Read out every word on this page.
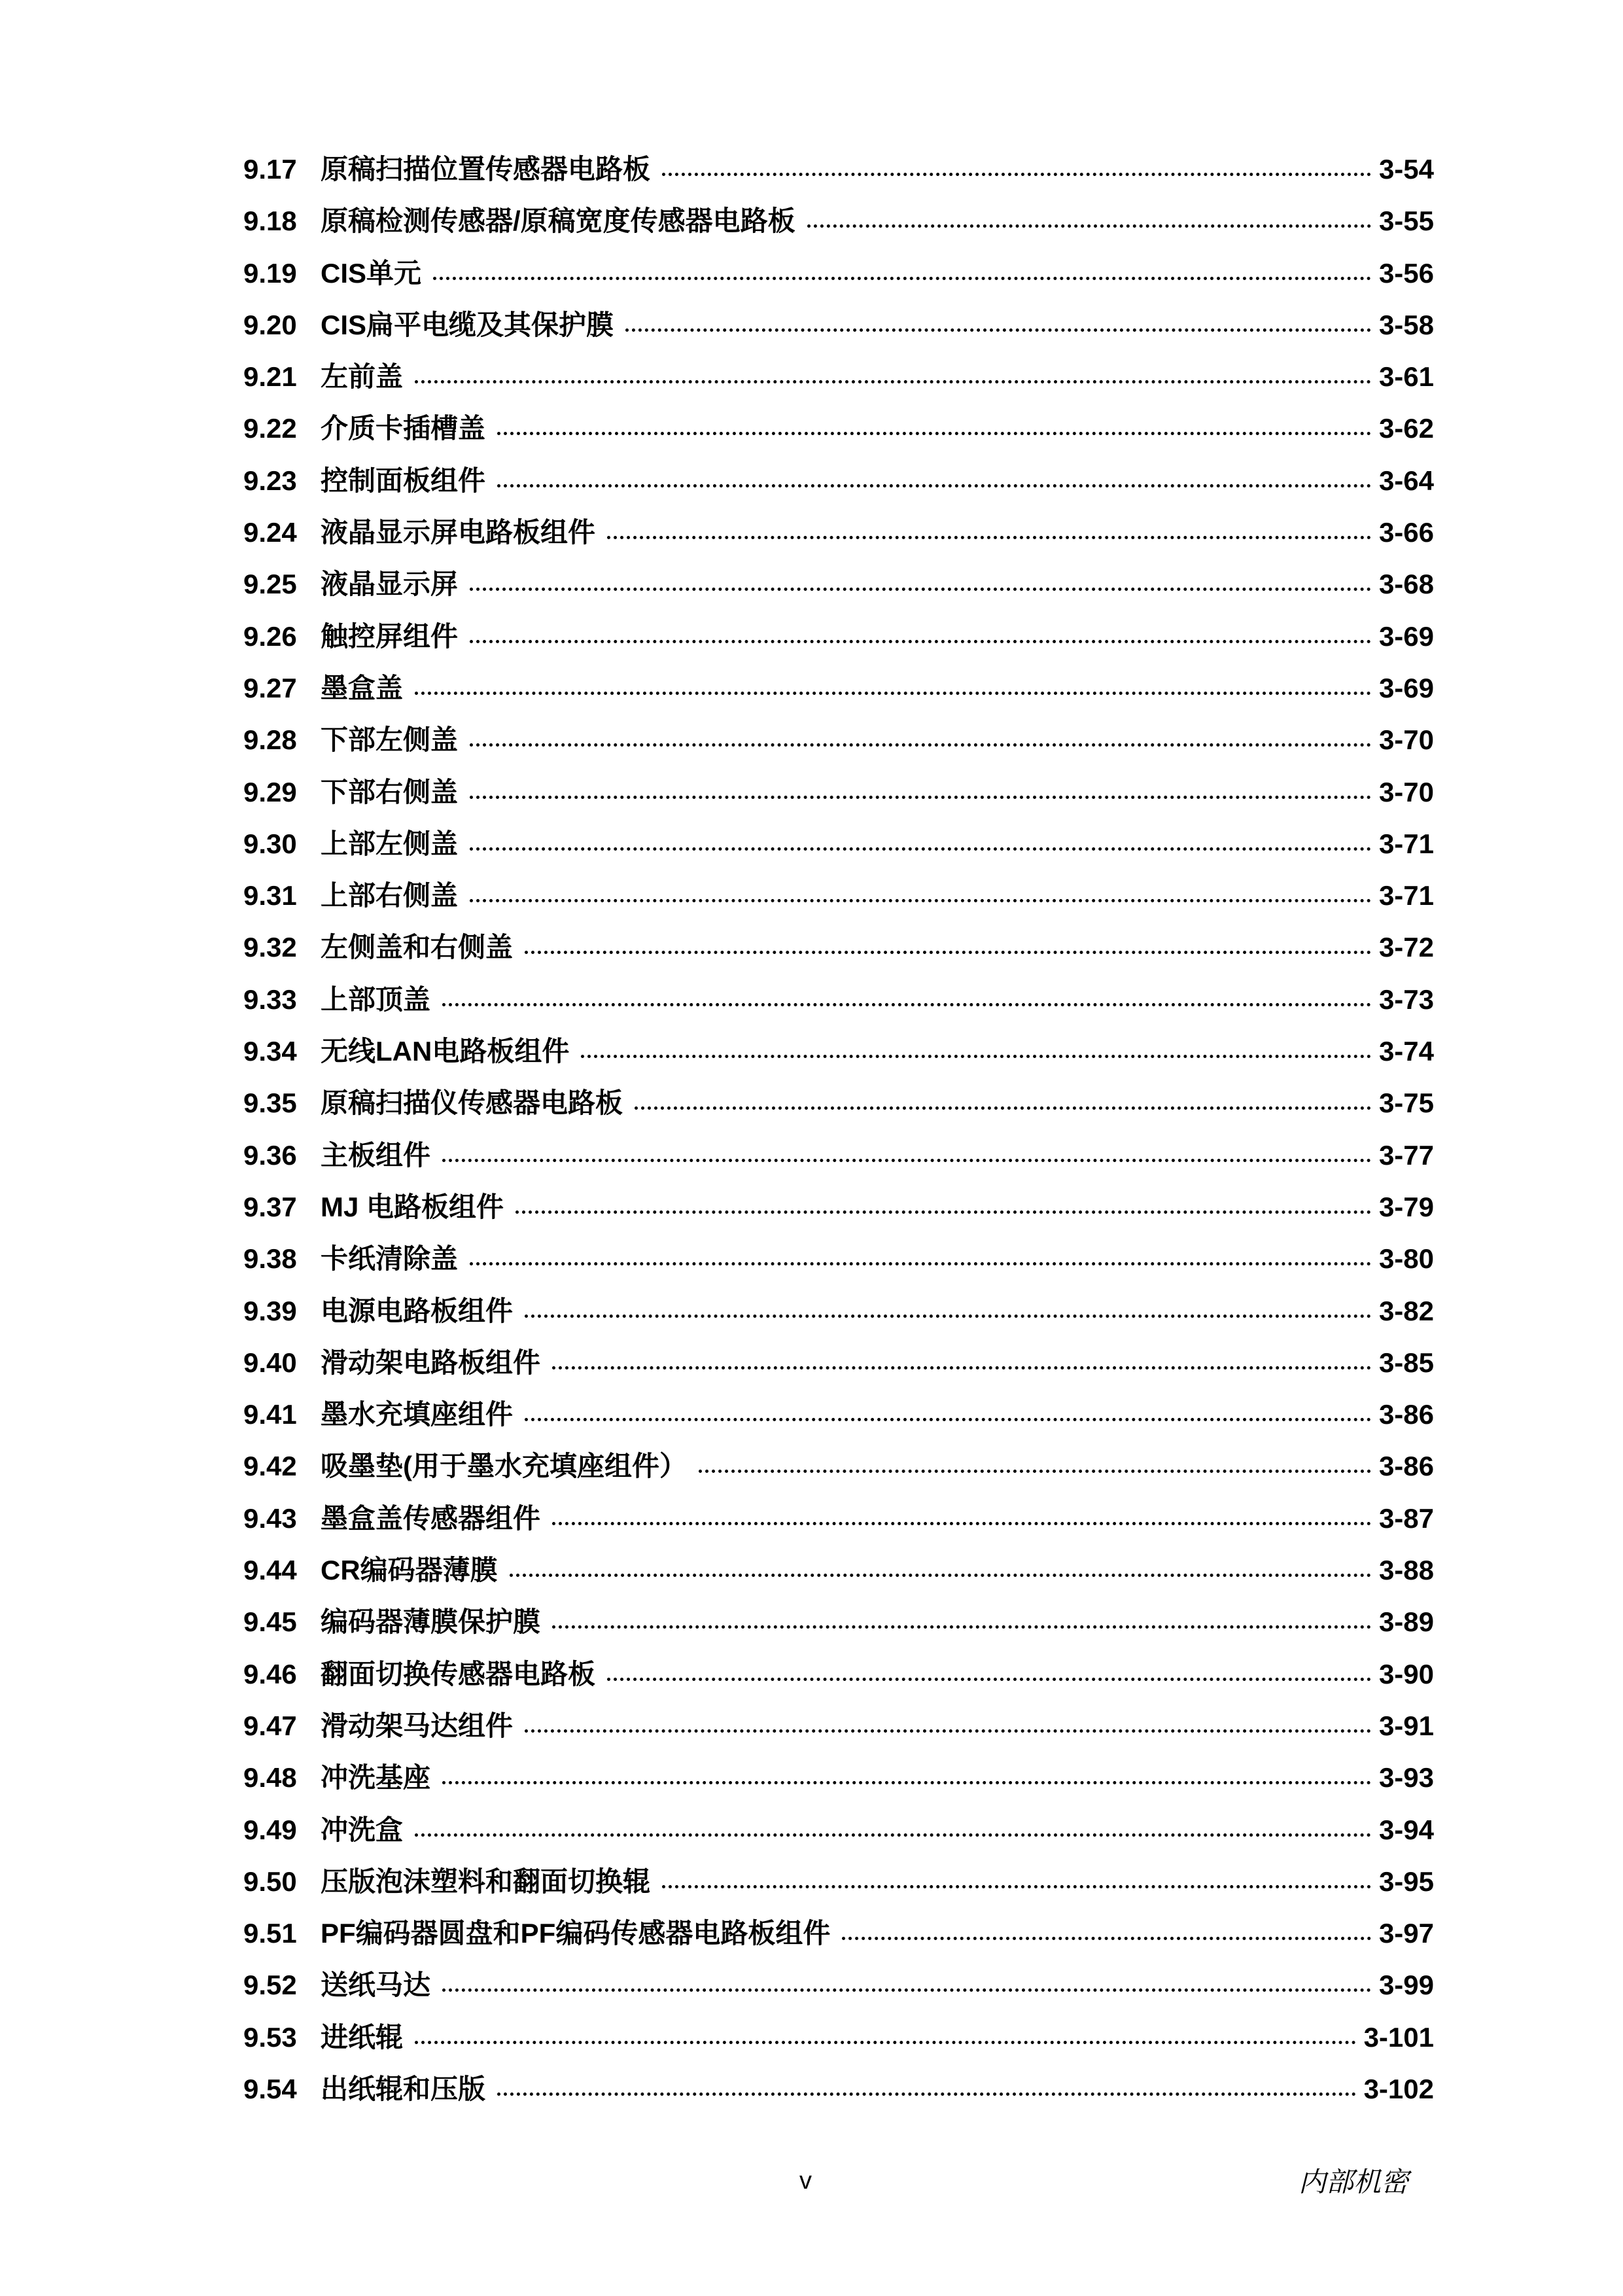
9.17 原稿扫描位置传感器电路板	3-54
9.18 原稿检测传感器/原稿宽度传感器电路板	3-55
9.19 CIS单元	3-56
9.20 CIS扁平电缆及其保护膜	3-58
9.21 左前盖	3-61
9.22 介质卡插槽盖	3-62
9.23 控制面板组件	3-64
9.24 液晶显示屏电路板组件	3-66
9.25 液晶显示屏	3-68
9.26 触控屏组件	3-69
9.27 墨盒盖	3-69
9.28 下部左侧盖	3-70
9.29 下部右侧盖	3-70
9.30 上部左侧盖	3-71
9.31 上部右侧盖	3-71
9.32 左侧盖和右侧盖	3-72
9.33 上部顶盖	3-73
9.34 无线LAN电路板组件	3-74
9.35 原稿扫描仪传感器电路板	3-75
9.36 主板组件	3-77
9.37 MJ 电路板组件	3-79
9.38 卡纸清除盖	3-80
9.39 电源电路板组件	3-82
9.40 滑动架电路板组件	3-85
9.41 墨水充填座组件	3-86
9.42 吸墨垫(用于墨水充填座组件）	3-86
9.43 墨盒盖传感器组件	3-87
9.44 CR编码器薄膜	3-88
9.45 编码器薄膜保护膜	3-89
9.46 翻面切换传感器电路板	3-90
9.47 滑动架马达组件	3-91
9.48 冲洗基座	3-93
9.49 冲洗盒	3-94
9.50 压版泡沫塑料和翻面切换辊	3-95
9.51 PF编码器圆盘和PF编码传感器电路板组件	3-97
9.52 送纸马达	3-99
9.53 进纸辊	3-101
9.54 出纸辊和压版	3-102
v	内部机密
